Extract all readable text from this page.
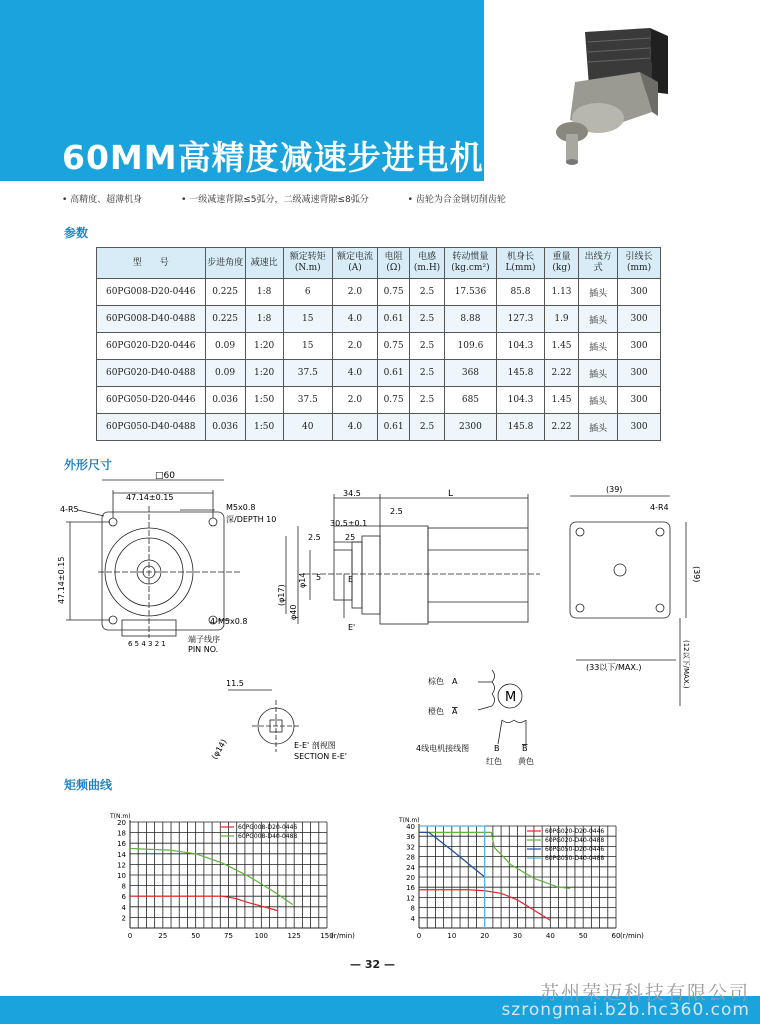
60MM高精度减速步进电机
• 高精度、超薄机身	• 一级减速背隙≤5弧分，二级减速背隙≤8弧分	• 齿轮为合金钢切削齿轮
参数
型　　号	步进角度	减速比	额定转矩(N.m)	额定电流(A)	电阻(Ω)	电感(m.H)	转动惯量(kg.cm²)	机身长L(mm)	重量(kg)	出线方式	引线长(mm)
60PG008-D20-0446	0.225	1:8	6	2.0	0.75	2.5	17.536	85.8	1.13	插头	300
60PG008-D40-0488	0.225	1:8	15	4.0	0.61	2.5	8.88	127.3	1.9	插头	300
60PG020-D20-0446	0.09	1:20	15	2.0	0.75	2.5	109.6	104.3	1.45	插头	300
60PG020-D40-0488	0.09	1:20	37.5	4.0	0.61	2.5	368	145.8	2.22	插头	300
60PG050-D20-0446	0.036	1:50	37.5	2.0	0.75	2.5	685	104.3	1.45	插头	300
60PG050-D40-0488	0.036	1:50	40	4.0	0.61	2.5	2300	145.8	2.22	插头	300
外形尺寸
□60
47.14±0.15
47.14±0.15
4-R5	M5x0.8
深/DEPTH 10
4-M5x0.8
6 5 4 3 2 1	端子线序
PIN NO.
34.5	L
30.5±0.1
2.5
2.5	25
φ14
φ40
(φ17)
5	E
E'
(39)
(39)
4-R4
(33以下/MAX.)	(12以下/MAX.)
11.5
(φ14)	E-E' 剖视图
SECTION E-E'
M
棕色 A
橙色 A
4线电机接线图	B	B
红色 黄色
矩频曲线
2
4
6
8
10
12
14
16
18
20
0	25	50	75	100	125	150
T(N.m)
(r/min)
60PG008-D20-0446
60PG008-D40-0488
4
8
12
16
20
24
28
32
36
40
0	10	20	30	40	50	60
T(N.m)
(r/min)
60PG020-D20-0446
60PG020-D40-0488
60PG050-D20-0446
60PG050-D40-0488
— 32 —
苏州荣迈科技有限公司
szrongmai.b2b.hc360.com
